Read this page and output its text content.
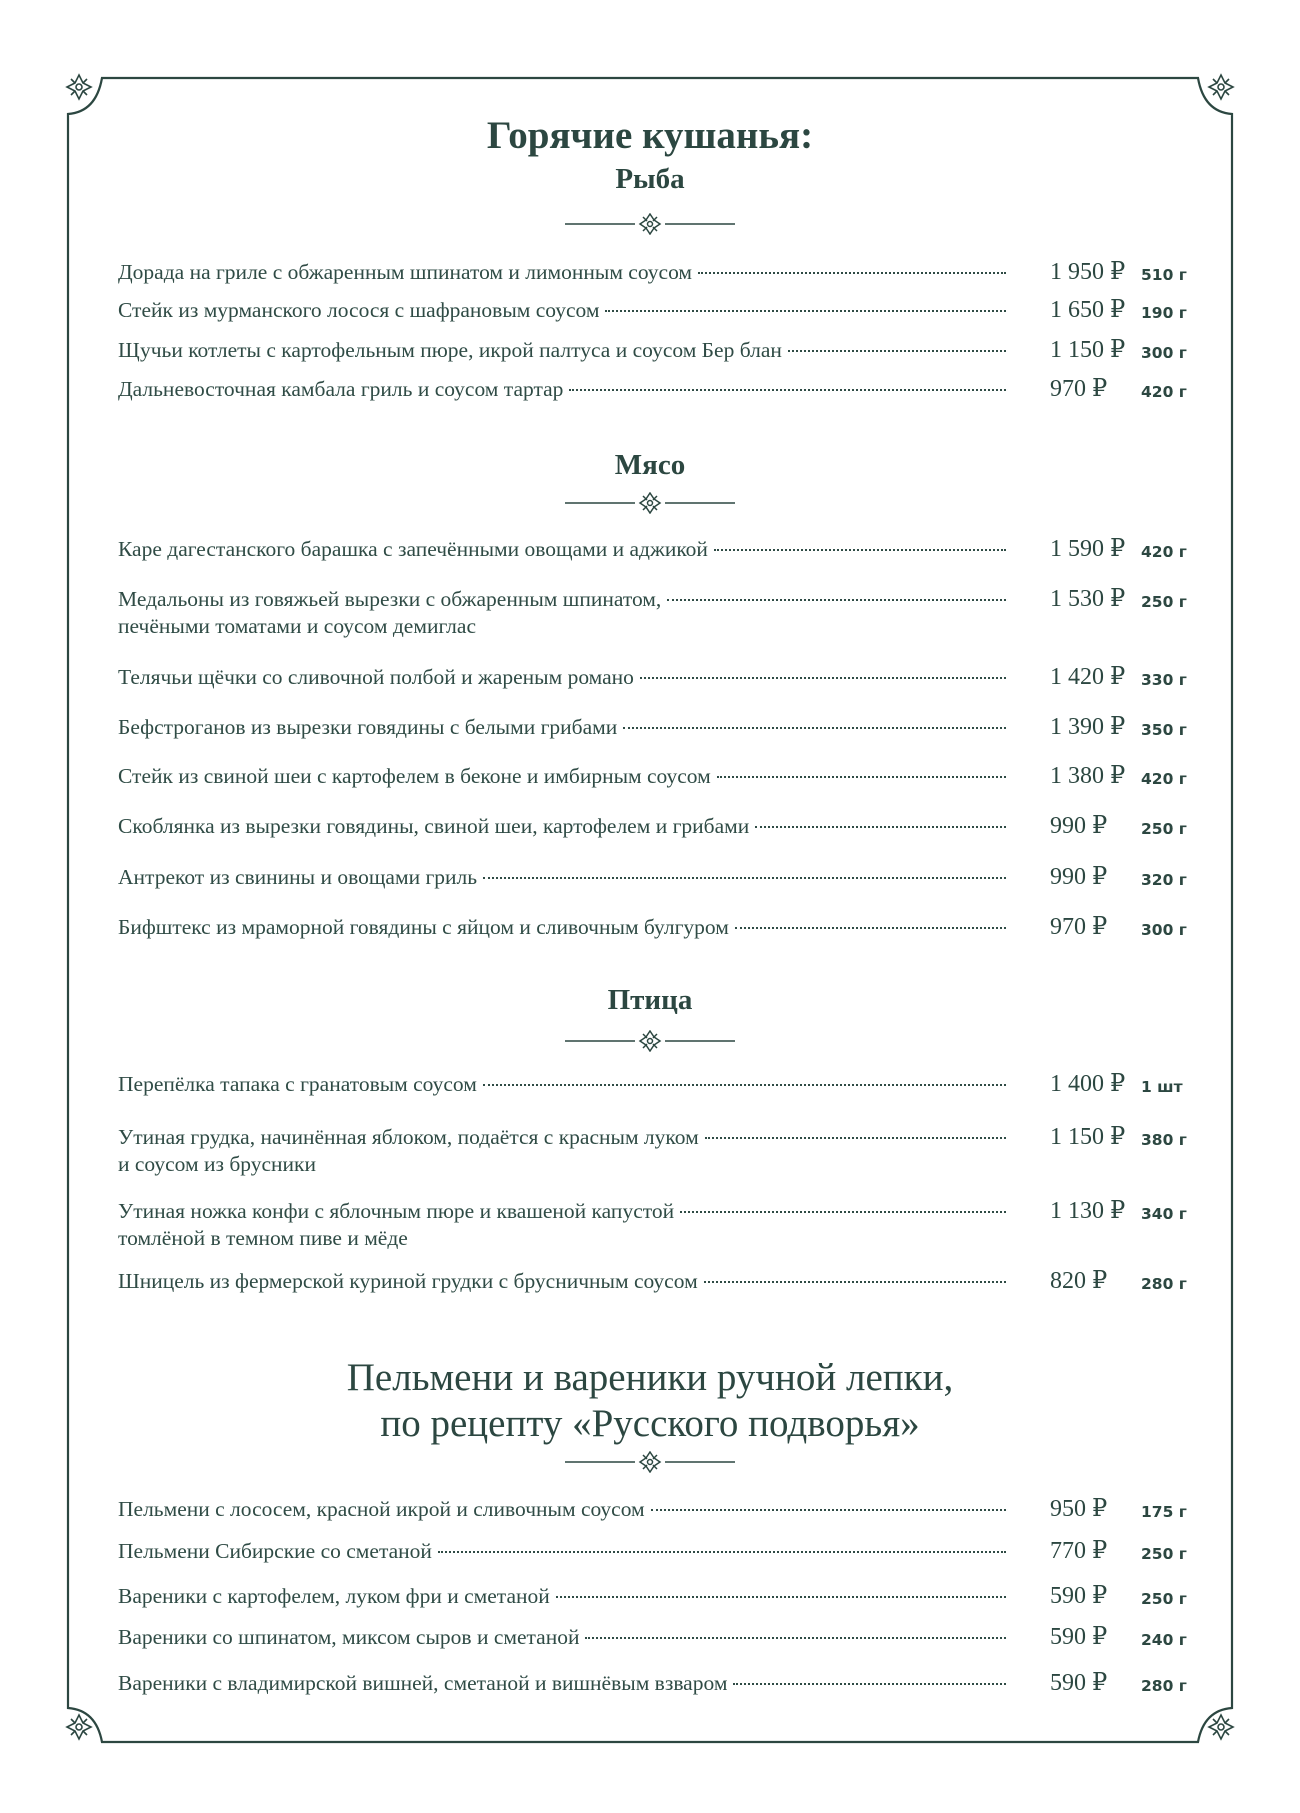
Горячие кушанья:
Рыба
Дорада на гриле с обжаренным шпинатом и лимонным соусом	1 950 ₽ 510 г
Стейк из мурманского лосося с шафрановым соусом	1 650 ₽ 190 г
Щучьи котлеты с картофельным пюре, икрой палтуса и соусом Бер блан	1 150 ₽ 300 г
Дальневосточная камбала гриль и соусом тартар	970 ₽ 420 г
Мясо
Каре дагестанского барашка с запечёнными овощами и аджикой	1 590 ₽ 420 г
Медальоны из говяжьей вырезки с обжаренным шпинатом,
печёными томатами и соусом демиглас
1 530 ₽ 250 г
Телячьи щёчки со сливочной полбой и жареным романо	1 420 ₽ 330 г
Бефстроганов из вырезки говядины с белыми грибами	1 390 ₽ 350 г
Стейк из свиной шеи с картофелем в беконе и имбирным соусом	1 380 ₽ 420 г
Скоблянка из вырезки говядины, свиной шеи, картофелем и грибами	990 ₽ 250 г
Антрекот из свинины и овощами гриль	990 ₽ 320 г
Бифштекс из мраморной говядины с яйцом и сливочным булгуром	970 ₽ 300 г
Птица
Перепёлка тапака с гранатовым соусом	1 400 ₽ 1 шт
Утиная грудка, начинённая яблоком, подаётся с красным луком
и соусом из брусники
1 150 ₽ 380 г
Утиная ножка конфи с яблочным пюре и квашеной капустой
томлёной в темном пиве и мёде
1 130 ₽ 340 г
Шницель из фермерской куриной грудки с брусничным соусом	820 ₽ 280 г
Пельмени и вареники ручной лепки,
по рецепту «Русского подворья»
Пельмени с лососем, красной икрой и сливочным соусом	950 ₽ 175 г
Пельмени Сибирские со сметаной	770 ₽ 250 г
Вареники с картофелем, луком фри и сметаной	590 ₽ 250 г
Вареники со шпинатом, миксом сыров и сметаной	590 ₽ 240 г
Вареники с владимирской вишней, сметаной и вишнёвым взваром	590 ₽ 280 г
